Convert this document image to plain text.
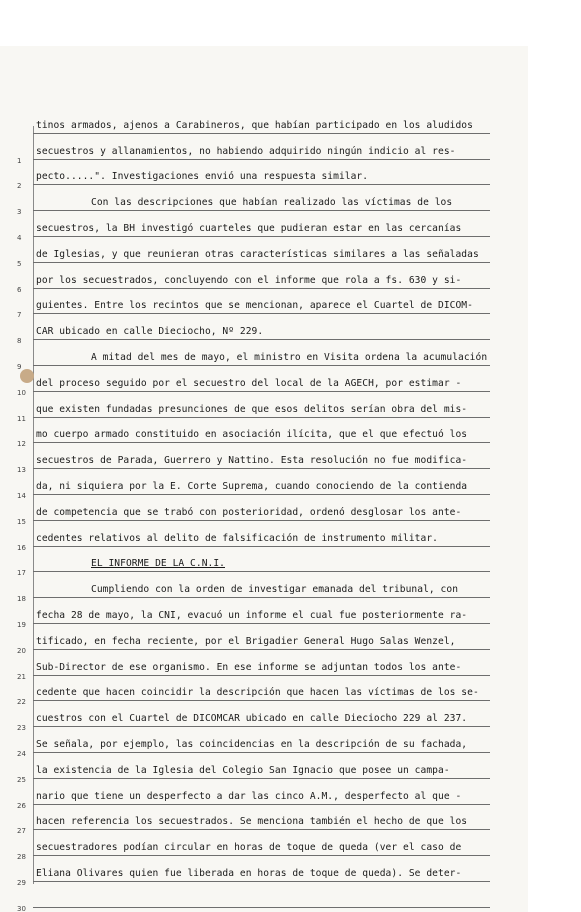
tinos armados, ajenos a Carabineros, que habían participado en los aludidos
secuestros y allanamientos, no habiendo adquirido ningún indicio al res-
1
pecto.....". Investigaciones envió una respuesta similar.
2
Con las descripciones que habían realizado las víctimas de los
3
secuestros, la BH investigó cuarteles que pudieran estar en las cercanías
4
de Iglesias, y que reunieran otras características similares a las señaladas
5
por los secuestrados, concluyendo con el informe que rola a fs. 630 y si-
6
guientes. Entre los recintos que se mencionan, aparece el Cuartel de DICOM-
7
CAR ubicado en calle Dieciocho, Nº 229.
8
A mitad del mes de mayo, el ministro en Visita ordena la acumulación
9
del proceso seguido por el secuestro del local de la AGECH, por estimar -
10
que existen fundadas presunciones de que esos delitos serían obra del mis-
11
mo cuerpo armado constituido en asociación ilícita, que el que efectuó los
12
secuestros de Parada, Guerrero y Nattino. Esta resolución no fue modifica-
13
da, ni siquiera por la E. Corte Suprema, cuando conociendo de la contienda
14
de competencia que se trabó con posterioridad, ordenó desglosar los ante-
15
cedentes relativos al delito de falsificación de instrumento militar.
16
EL INFORME DE LA C.N.I.
17
Cumpliendo con la orden de investigar emanada del tribunal, con
18
fecha 28 de mayo, la CNI, evacuó un informe el cual fue posteriormente ra-
19
tificado, en fecha reciente, por el Brigadier General Hugo Salas Wenzel,
20
Sub-Director de ese organismo. En ese informe se adjuntan todos los ante-
21
cedente que hacen coincidir la descripción que hacen las víctimas de los se-
22
cuestros con el Cuartel de DICOMCAR ubicado en calle Dieciocho 229 al 237.
23
Se señala, por ejemplo, las coincidencias en la descripción de su fachada,
24
la existencia de la Iglesia del Colegio San Ignacio que posee un campa-
25
nario que tiene un desperfecto a dar las cinco A.M., desperfecto al que -
26
hacen referencia los secuestrados. Se menciona también el hecho de que los
27
secuestradores podían circular en horas de toque de queda (ver el caso de
28
Eliana Olivares quien fue liberada en horas de toque de queda). Se deter-
29
30
